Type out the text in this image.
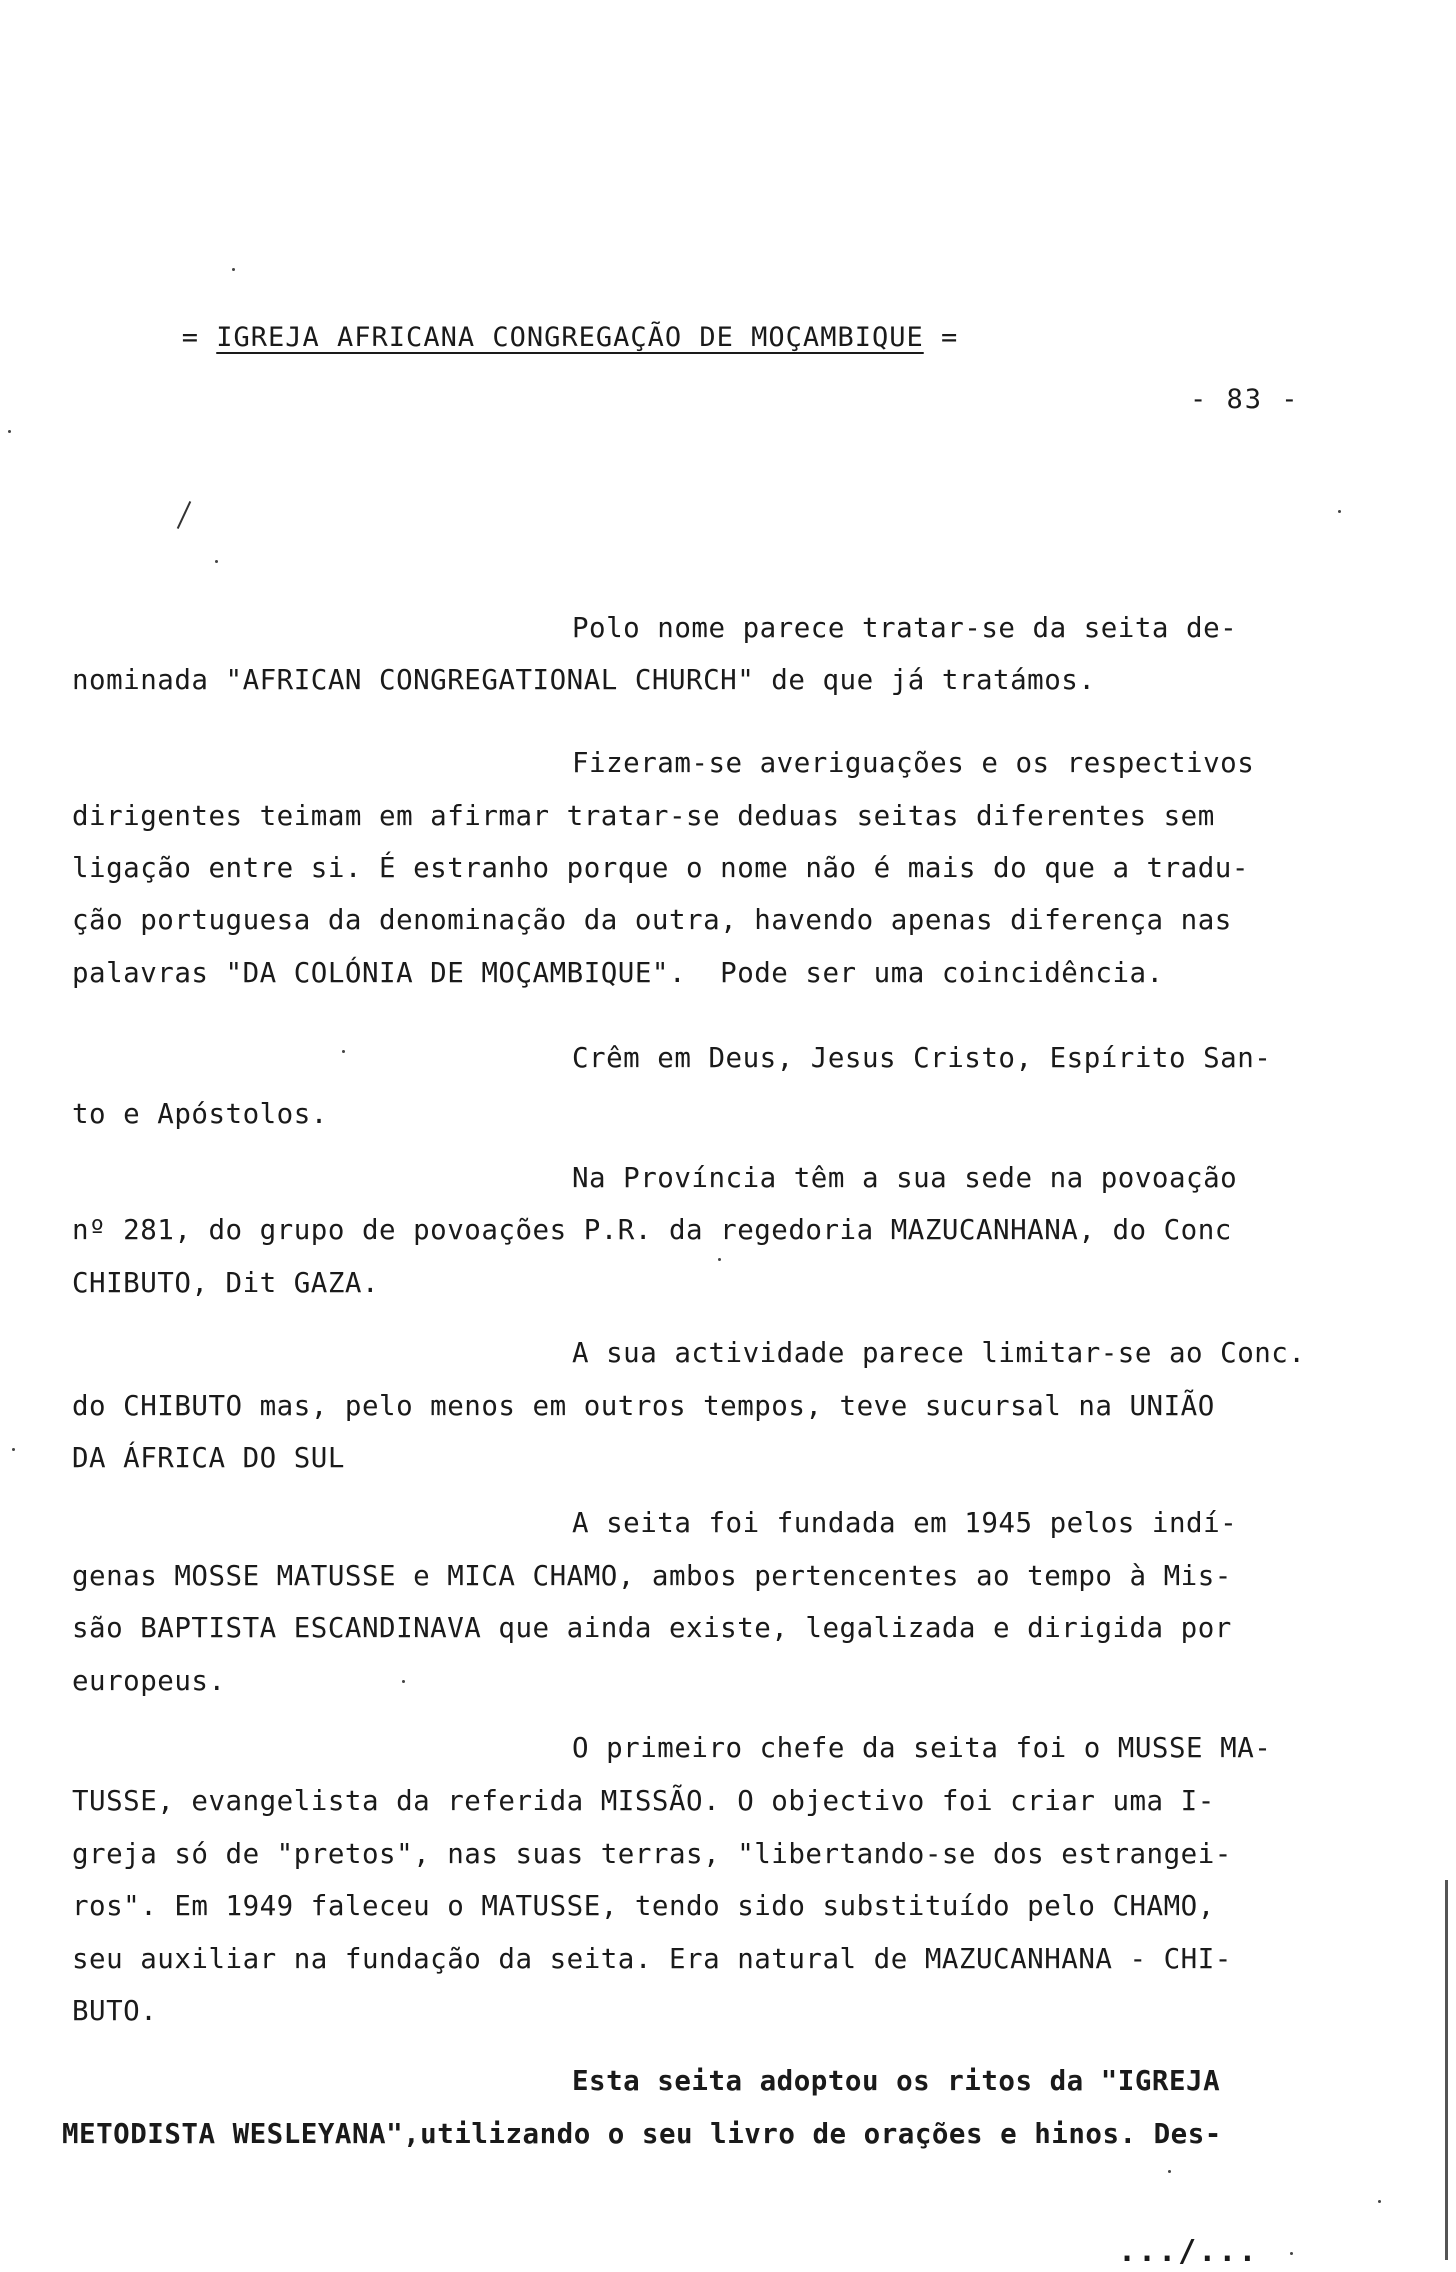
= IGREJA AFRICANA CONGREGAÇÃO DE MOÇAMBIQUE =
- 83 -
Polo nome parece tratar-se da seita de-
nominada "AFRICAN CONGREGATIONAL CHURCH" de que já tratámos.
Fizeram-se averiguações e os respectivos
dirigentes teimam em afirmar tratar-se deduas seitas diferentes sem
ligação entre si. É estranho porque o nome não é mais do que a tradu-
ção portuguesa da denominação da outra, havendo apenas diferença nas
palavras "DA COLÓNIA DE MOÇAMBIQUE".  Pode ser uma coincidência.
Crêm em Deus, Jesus Cristo, Espírito San-
to e Apóstolos.
Na Província têm a sua sede na povoação
nº 281, do grupo de povoações P.R. da regedoria MAZUCANHANA, do Conc
CHIBUTO, Dit GAZA.
A sua actividade parece limitar-se ao Conc.
do CHIBUTO mas, pelo menos em outros tempos, teve sucursal na UNIÃO
DA ÁFRICA DO SUL
A seita foi fundada em 1945 pelos indí-
genas MOSSE MATUSSE e MICA CHAMO, ambos pertencentes ao tempo à Mis-
são BAPTISTA ESCANDINAVA que ainda existe, legalizada e dirigida por
europeus.
O primeiro chefe da seita foi o MUSSE MA-
TUSSE, evangelista da referida MISSÃO. O objectivo foi criar uma I-
greja só de "pretos", nas suas terras, "libertando-se dos estrangei-
ros". Em 1949 faleceu o MATUSSE, tendo sido substituído pelo CHAMO,
seu auxiliar na fundação da seita. Era natural de MAZUCANHANA - CHI-
BUTO.
Esta seita adoptou os ritos da "IGREJA
METODISTA WESLEYANA",utilizando o seu livro de orações e hinos. Des-
.../...
